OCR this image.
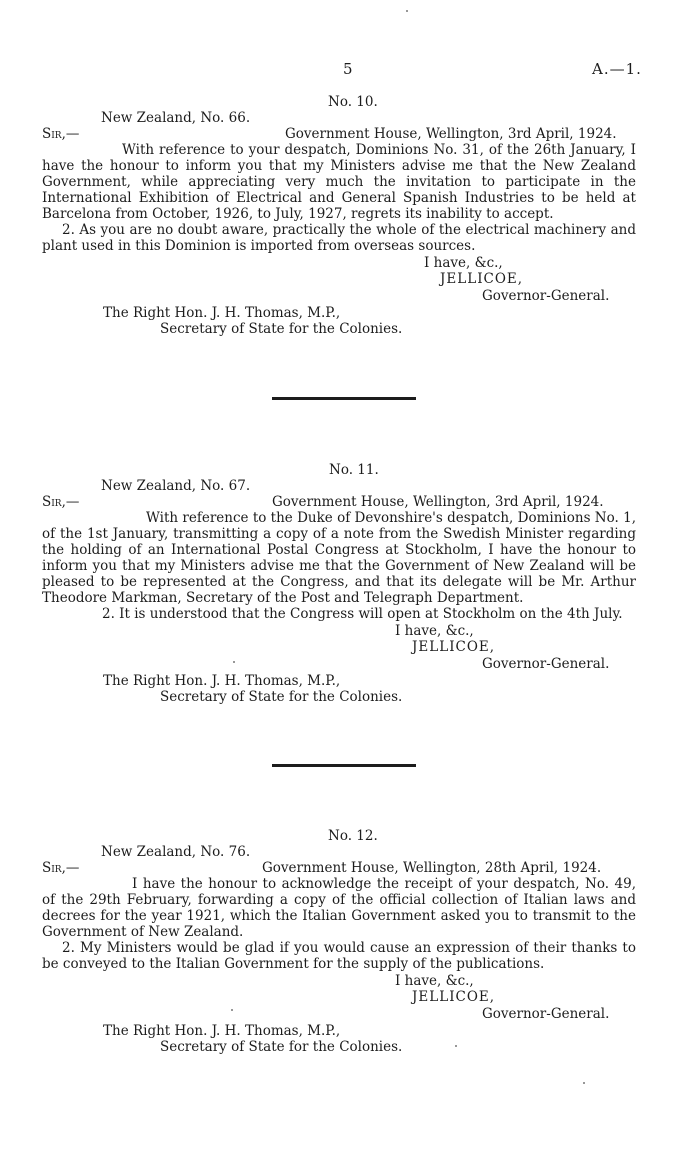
5	A.—1.
No. 10.
New Zealand, No. 66.
Sir,—	Government House, Wellington, 3rd April, 1924.
With reference to your despatch, Dominions No. 31, of the 26th January, I have the honour to inform you that my Ministers advise me that the New Zealand Government, while appreciating very much the invitation to participate in the International Exhibition of Electrical and General Spanish Industries to be held at Barcelona from October, 1926, to July, 1927, regrets its inability to accept.
2. As you are no doubt aware, practically the whole of the electrical machinery and plant used in this Dominion is imported from overseas sources.
I have, &c.,
JELLICOE,
Governor-General.
The Right Hon. J. H. Thomas, M.P.,
Secretary of State for the Colonies.
No. 11.
New Zealand, No. 67.
Sir,—	Government House, Wellington, 3rd April, 1924.
With reference to the Duke of Devonshire's despatch, Dominions No. 1, of the 1st January, transmitting a copy of a note from the Swedish Minister regarding the holding of an International Postal Congress at Stockholm, I have the honour to inform you that my Ministers advise me that the Government of New Zealand will be pleased to be represented at the Congress, and that its delegate will be Mr. Arthur Theodore Markman, Secretary of the Post and Telegraph Department.
2. It is understood that the Congress will open at Stockholm on the 4th July.
I have, &c.,
JELLICOE,
Governor-General.
The Right Hon. J. H. Thomas, M.P.,
Secretary of State for the Colonies.
No. 12.
New Zealand, No. 76.
Sir,—	Government House, Wellington, 28th April, 1924.
I have the honour to acknowledge the receipt of your despatch, No. 49, of the 29th February, forwarding a copy of the official collection of Italian laws and decrees for the year 1921, which the Italian Government asked you to transmit to the Government of New Zealand.
2. My Ministers would be glad if you would cause an expression of their thanks to be conveyed to the Italian Government for the supply of the publications.
I have, &c.,
JELLICOE,
Governor-General.
The Right Hon. J. H. Thomas, M.P.,
Secretary of State for the Colonies.
